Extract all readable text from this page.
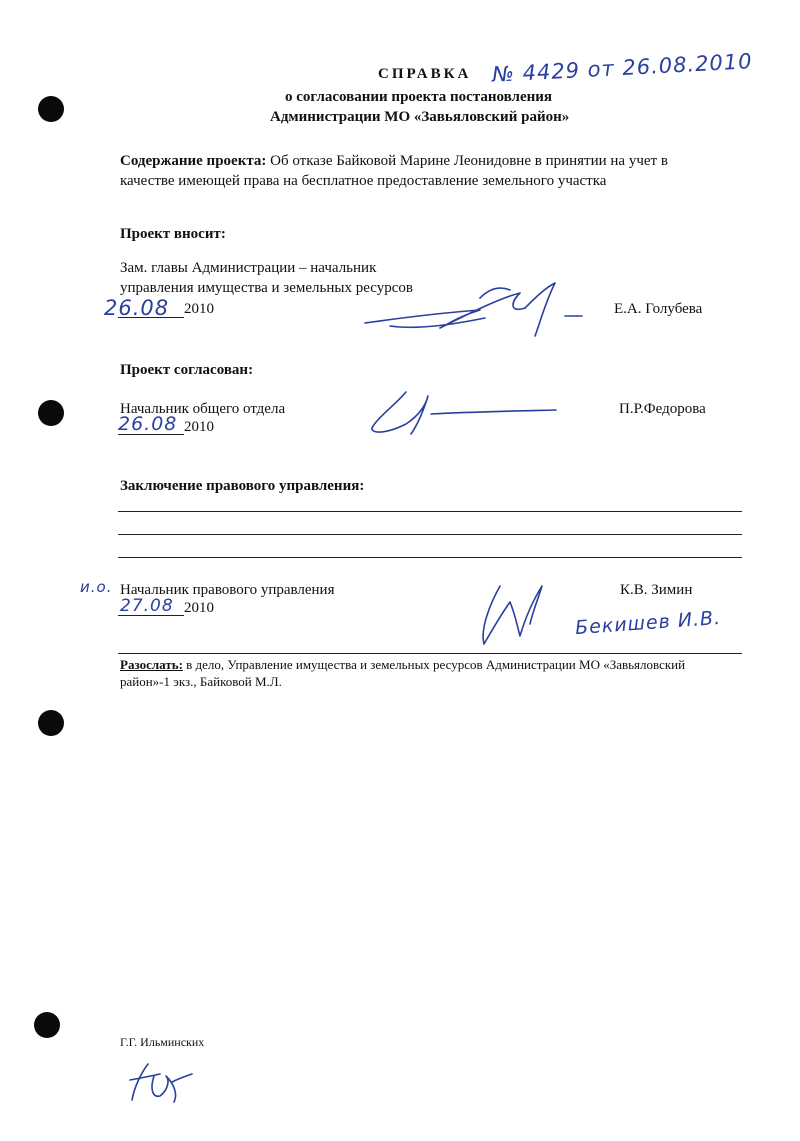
СПРАВКА № 4429 от 26.08.2010
о согласовании проекта постановления
Администрации МО «Завьяловский район»
Содержание проекта: Об отказе Байковой Марине Леонидовне в принятии на учет в
качестве имеющей права на бесплатное предоставление земельного участка
Проект вносит:
Зам. главы Администрации – начальник
управления имущества и земельных ресурсов
26.08 2010	Е.А. Голубева
Проект согласован:
Начальник общего отдела
26.08 2010
П.Р.Федорова
Заключение правового управления:
и.о. Начальник правового управления
27.08 2010
К.В. Зимин
Бекишев И.В.
Разослать: в дело, Управление имущества и земельных ресурсов Администрации МО «Завьяловский
район»-1 экз., Байковой М.Л.
Г.Г. Ильминских
